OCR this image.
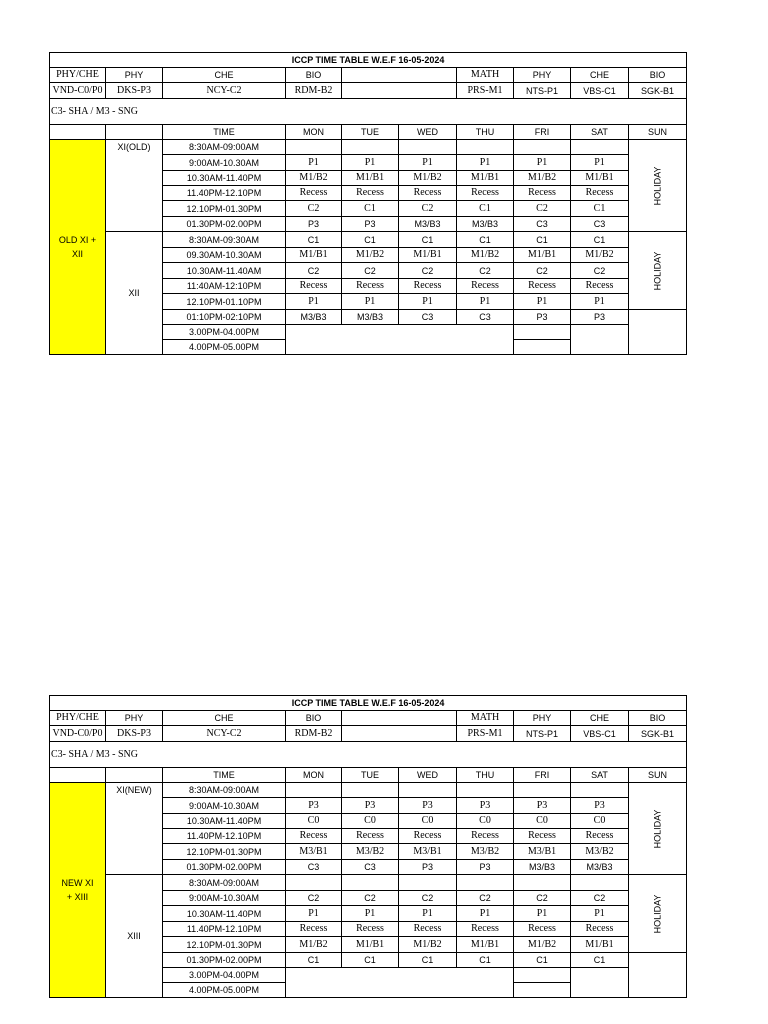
ICCP TIME TABLE W.E.F 16-05-2024									
PHY/CHE	PHY	CHE	BIO			MATH	PHY	CHE	BIO
VND-C0/P0	DKS-P3	NCY-C2	RDM-B2			PRS-M1	NTS-P1	VBS-C1	SGK-B1
C3- SHA / M3 - SNG									
		TIME	MON	TUE	WED	THU	FRI	SAT	SUN
OLD XI +
XII	XI(OLD)	8:30AM-09:00AM							HOLIDAY
		9:00AM-10.30AM	P1	P1	P1	P1	P1	P1	
		10.30AM-11.40PM	M1/B2	M1/B1	M1/B2	M1/B1	M1/B2	M1/B1	
		11.40PM-12.10PM	Recess	Recess	Recess	Recess	Recess	Recess	
		12.10PM-01.30PM	C2	C1	C2	C1	C2	C1	
		01.30PM-02.00PM	P3	P3	M3/B3	M3/B3	C3	C3	
	XII	8:30AM-09:30AM	C1	C1	C1	C1	C1	C1	HOLIDAY
		09.30AM-10.30AM	M1/B1	M1/B2	M1/B1	M1/B2	M1/B1	M1/B2	
		10.30AM-11.40AM	C2	C2	C2	C2	C2	C2	
		11:40AM-12:10PM	Recess	Recess	Recess	Recess	Recess	Recess	
		12.10PM-01.10PM	P1	P1	P1	P1	P1	P1	
		01:10PM-02:10PM	M3/B3	M3/B3	C3	C3	P3	P3	
		3.00PM-04.00PM							
		4.00PM-05.00PM							
ICCP TIME TABLE W.E.F 16-05-2024									
PHY/CHE	PHY	CHE	BIO			MATH	PHY	CHE	BIO
VND-C0/P0	DKS-P3	NCY-C2	RDM-B2			PRS-M1	NTS-P1	VBS-C1	SGK-B1
C3- SHA / M3 - SNG									
		TIME	MON	TUE	WED	THU	FRI	SAT	SUN
NEW XI
+ XIII	XI(NEW)	8:30AM-09:00AM							HOLIDAY
		9:00AM-10.30AM	P3	P3	P3	P3	P3	P3	
		10.30AM-11.40PM	C0	C0	C0	C0	C0	C0	
		11.40PM-12.10PM	Recess	Recess	Recess	Recess	Recess	Recess	
		12.10PM-01.30PM	M3/B1	M3/B2	M3/B1	M3/B2	M3/B1	M3/B2	
		01.30PM-02.00PM	C3	C3	P3	P3	M3/B3	M3/B3	
	XIII	8:30AM-09:00AM							HOLIDAY
		9:00AM-10.30AM	C2	C2	C2	C2	C2	C2	
		10.30AM-11.40PM	P1	P1	P1	P1	P1	P1	
		11.40PM-12.10PM	Recess	Recess	Recess	Recess	Recess	Recess	
		12.10PM-01.30PM	M1/B2	M1/B1	M1/B2	M1/B1	M1/B2	M1/B1	
		01.30PM-02.00PM	C1	C1	C1	C1	C1	C1	
		3.00PM-04.00PM							
		4.00PM-05.00PM							
